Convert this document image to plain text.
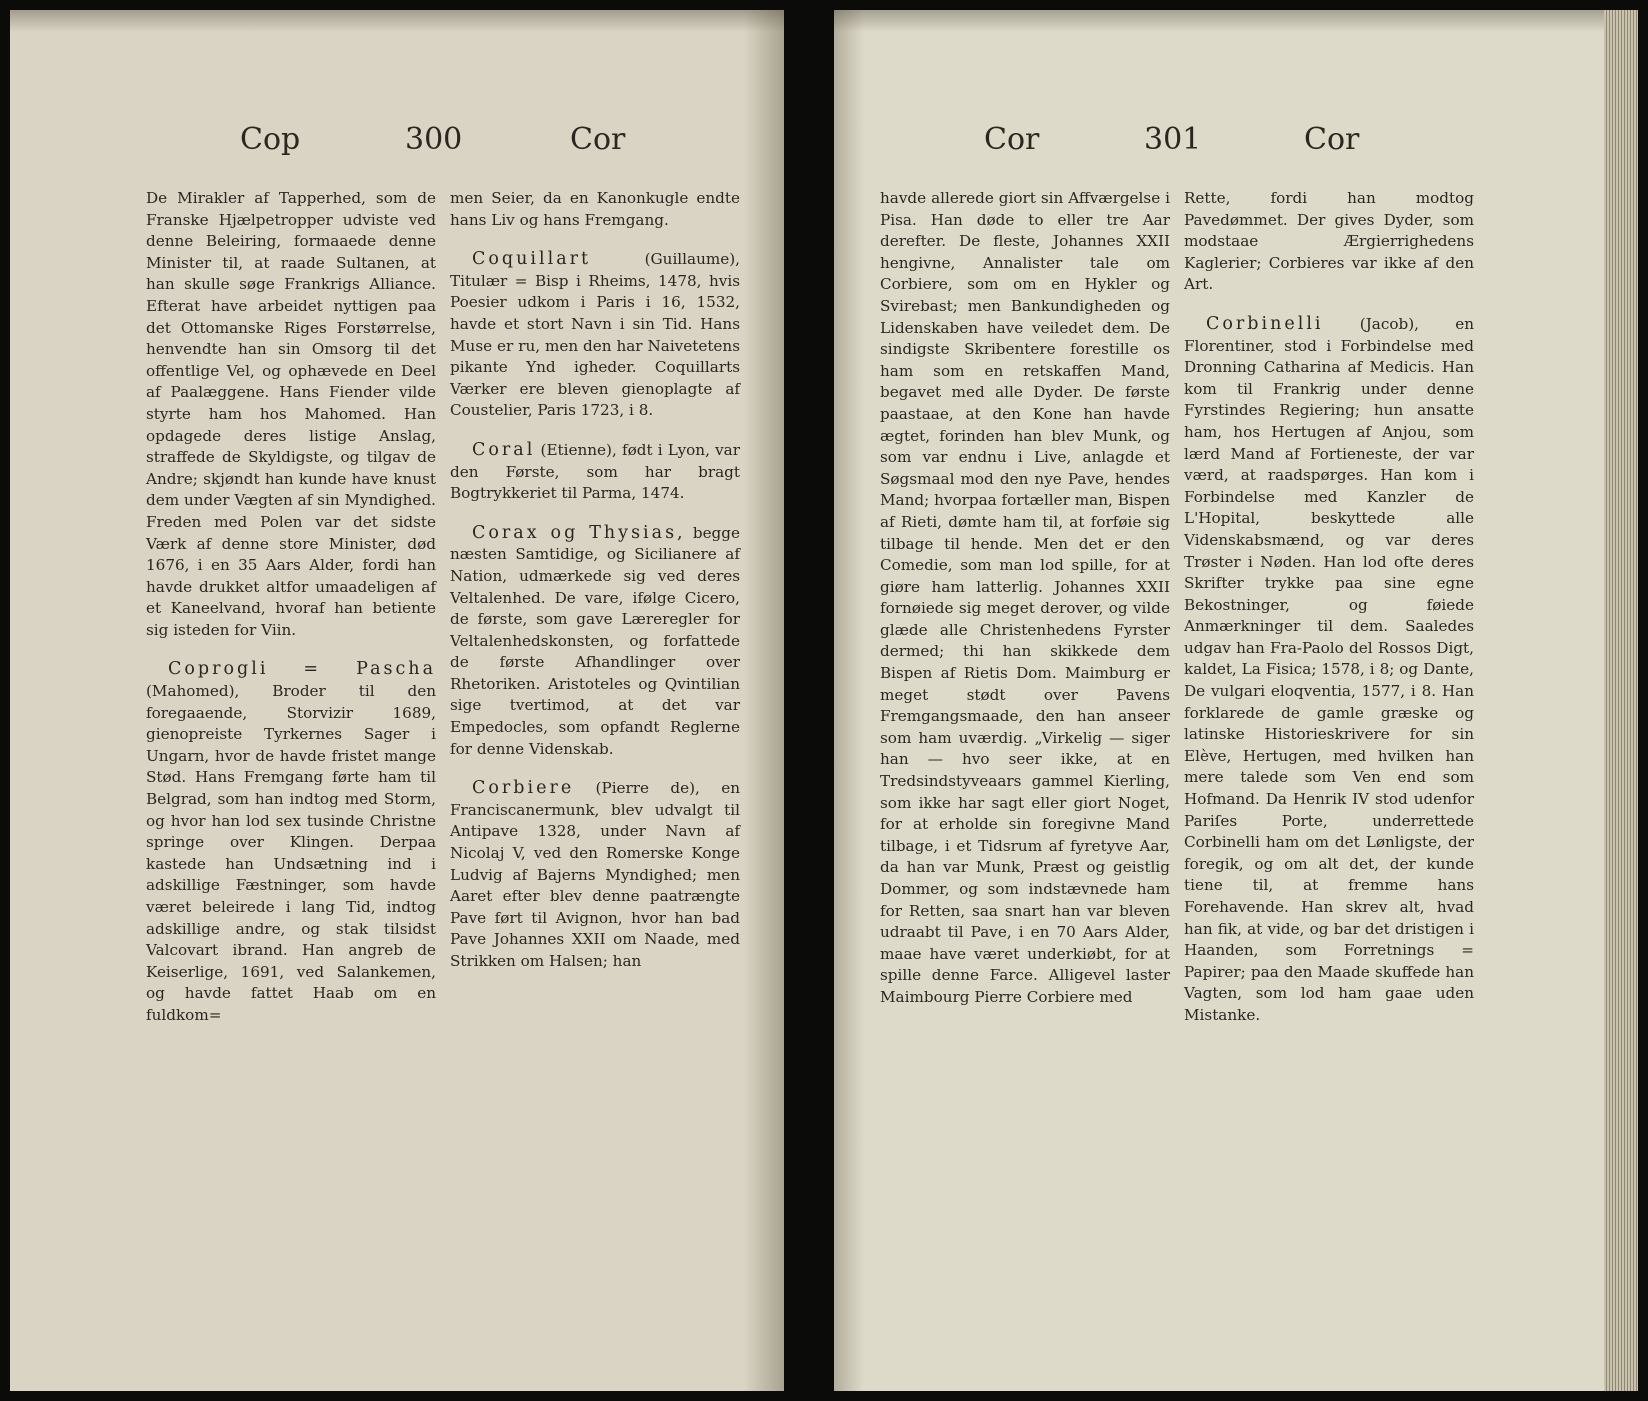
Cop	300	Cor

De Mirakler af Tapperhed, som de Franske Hjælpetropper udviste ved denne Beleiring, formaaede denne Minister til, at raade Sultanen, at han skulle søge Frankrigs Alliance. Efterat have arbeidet nyttigen paa det Ottomanske Riges Forstørrelse, henvendte han sin Omsorg til det offentlige Vel, og ophævede en Deel af Paalæggene. Hans Fiender vilde styrte ham hos Mahomed. Han opdagede deres listige Anslag, straffede de Skyldigste, og tilgav de Andre; skjøndt han kunde have knust dem under Vægten af sin Myndighed. Freden med Polen var det sidste Værk af denne store Minister, død 1676, i en 35 Aars Alder, fordi han havde drukket altfor umaadeligen af et Kaneelvand, hvoraf han betiente sig isteden for Viin.

Coprogli = Pascha (Mahomed), Broder til den foregaaende, Storvizir 1689, gienopreiste Tyrkernes Sager i Ungarn, hvor de havde fristet mange Stød. Hans Fremgang førte ham til Belgrad, som han indtog med Storm, og hvor han lod sex tusinde Christne springe over Klingen. Derpaa kastede han Undsætning ind i adskillige Fæstninger, som havde været beleirede i lang Tid, indtog adskillige andre, og stak tilsidst Valcovart ibrand. Han angreb de Keiserlige, 1691, ved Salankemen, og havde fattet Haab om en fuldkom=

men Seier, da en Kanonkugle endte hans Liv og hans Fremgang.

Coquillart	(Guillaume), Titulær = Bisp i Rheims, 1478, hvis Poesier udkom i Paris i 16, 1532, havde et stort Navn i sin Tid. Hans Muse er ru, men den har Naivetetens pikante Ynd igheder. Coquillarts Værker ere bleven gienoplagte af Coustelier, Paris 1723, i 8.

Coral (Etienne), født i Lyon, var den Første, som har bragt Bogtrykkeriet til Parma, 1474.

Corax og Thysias, begge næsten Samtidige, og Sicilianere af Nation, udmærkede sig ved deres Veltalenhed. De vare, ifølge Cicero, de første, som gave Læreregler for Veltalenhedskonsten, og forfattede de første Afhandlinger over Rhetoriken. Aristoteles og Qvintilian sige tvertimod, at det var Empedocles, som opfandt Reglerne for denne Videnskab.

Corbiere (Pierre de), en Franciscanermunk, blev udvalgt til Antipave 1328, under Navn af Nicolaj V, ved den Romerske Konge Ludvig af Bajerns Myndighed; men Aaret efter blev denne paatrængte Pave ført til Avignon, hvor han bad Pave Johannes XXII om Naade, med Strikken om Halsen; han

Cor	301	Cor

havde allerede giort sin Affværgelse i Pisa. Han døde to eller tre Aar derefter. De fleste, Johannes XXII hengivne, Annalister tale om Corbiere, som om en Hykler og Svirebast; men Bankundigheden og Lidenskaben have veiledet dem. De sindigste Skribentere forestille os ham som en retskaffen Mand, begavet med alle Dyder. De første paastaae, at den Kone han havde ægtet, forinden han blev Munk, og som var endnu i Live, anlagde et Søgsmaal mod den nye Pave, hendes Mand; hvorpaa fortæller man, Bispen af Rieti, dømte ham til, at forføie sig tilbage til hende. Men det er den Comedie, som man lod spille, for at giøre ham latterlig. Johannes XXII fornøiede sig meget derover, og vilde glæde alle Christenhedens Fyrster dermed; thi han skikkede dem Bispen af Rietis Dom. Maimburg er meget stødt over Pavens Fremgangsmaade, den han anseer som ham uværdig. „Virkelig — siger han — hvo seer ikke, at en Tredsindstyveaars gammel Kierling, som ikke har sagt eller giort Noget, for at erholde sin foregivne Mand tilbage, i et Tidsrum af fyretyve Aar, da han var Munk, Præst og geistlig Dommer, og som indstævnede ham for Retten, saa snart han var bleven udraabt til Pave, i en 70 Aars Alder, maae have været underkiøbt, for at spille denne Farce. Alligevel laster Maimbourg Pierre Corbiere med

Rette, fordi han modtog Pavedømmet. Der gives Dyder, som modstaae Ærgierrighedens Kaglerier; Corbieres var ikke af den Art.

Corbinelli (Jacob), en Florentiner, stod i Forbindelse med Dronning Catharina af Medicis. Han kom til Frankrig under denne Fyrstindes Regiering; hun ansatte ham, hos Hertugen af Anjou, som lærd Mand af Fortieneste, der var værd, at raadspørges. Han kom i Forbindelse med Kanzler de L'Hopital, beskyttede alle Videnskabsmænd, og var deres Trøster i Nøden. Han lod ofte deres Skrifter trykke paa sine egne Bekostninger, og føiede Anmærkninger til dem. Saaledes udgav han Fra-Paolo del Rossos Digt, kaldet, La Fisica; 1578, i 8; og Dante, De vulgari eloqventia, 1577, i 8. Han forklarede de gamle græske og latinske Historieskrivere for sin Elève, Hertugen, med hvilken han mere talede som Ven end som Hofmand. Da Henrik IV stod udenfor Pariſes Porte, underrettede Corbinelli ham om det Lønligste, der foregik, og om alt det, der kunde tiene til, at fremme hans Forehavende. Han skrev alt, hvad han fik, at vide, og bar det dristigen i Haanden, som Forretnings = Papirer; paa den Maade skuffede han Vagten, som lod ham gaae uden Mistanke.
